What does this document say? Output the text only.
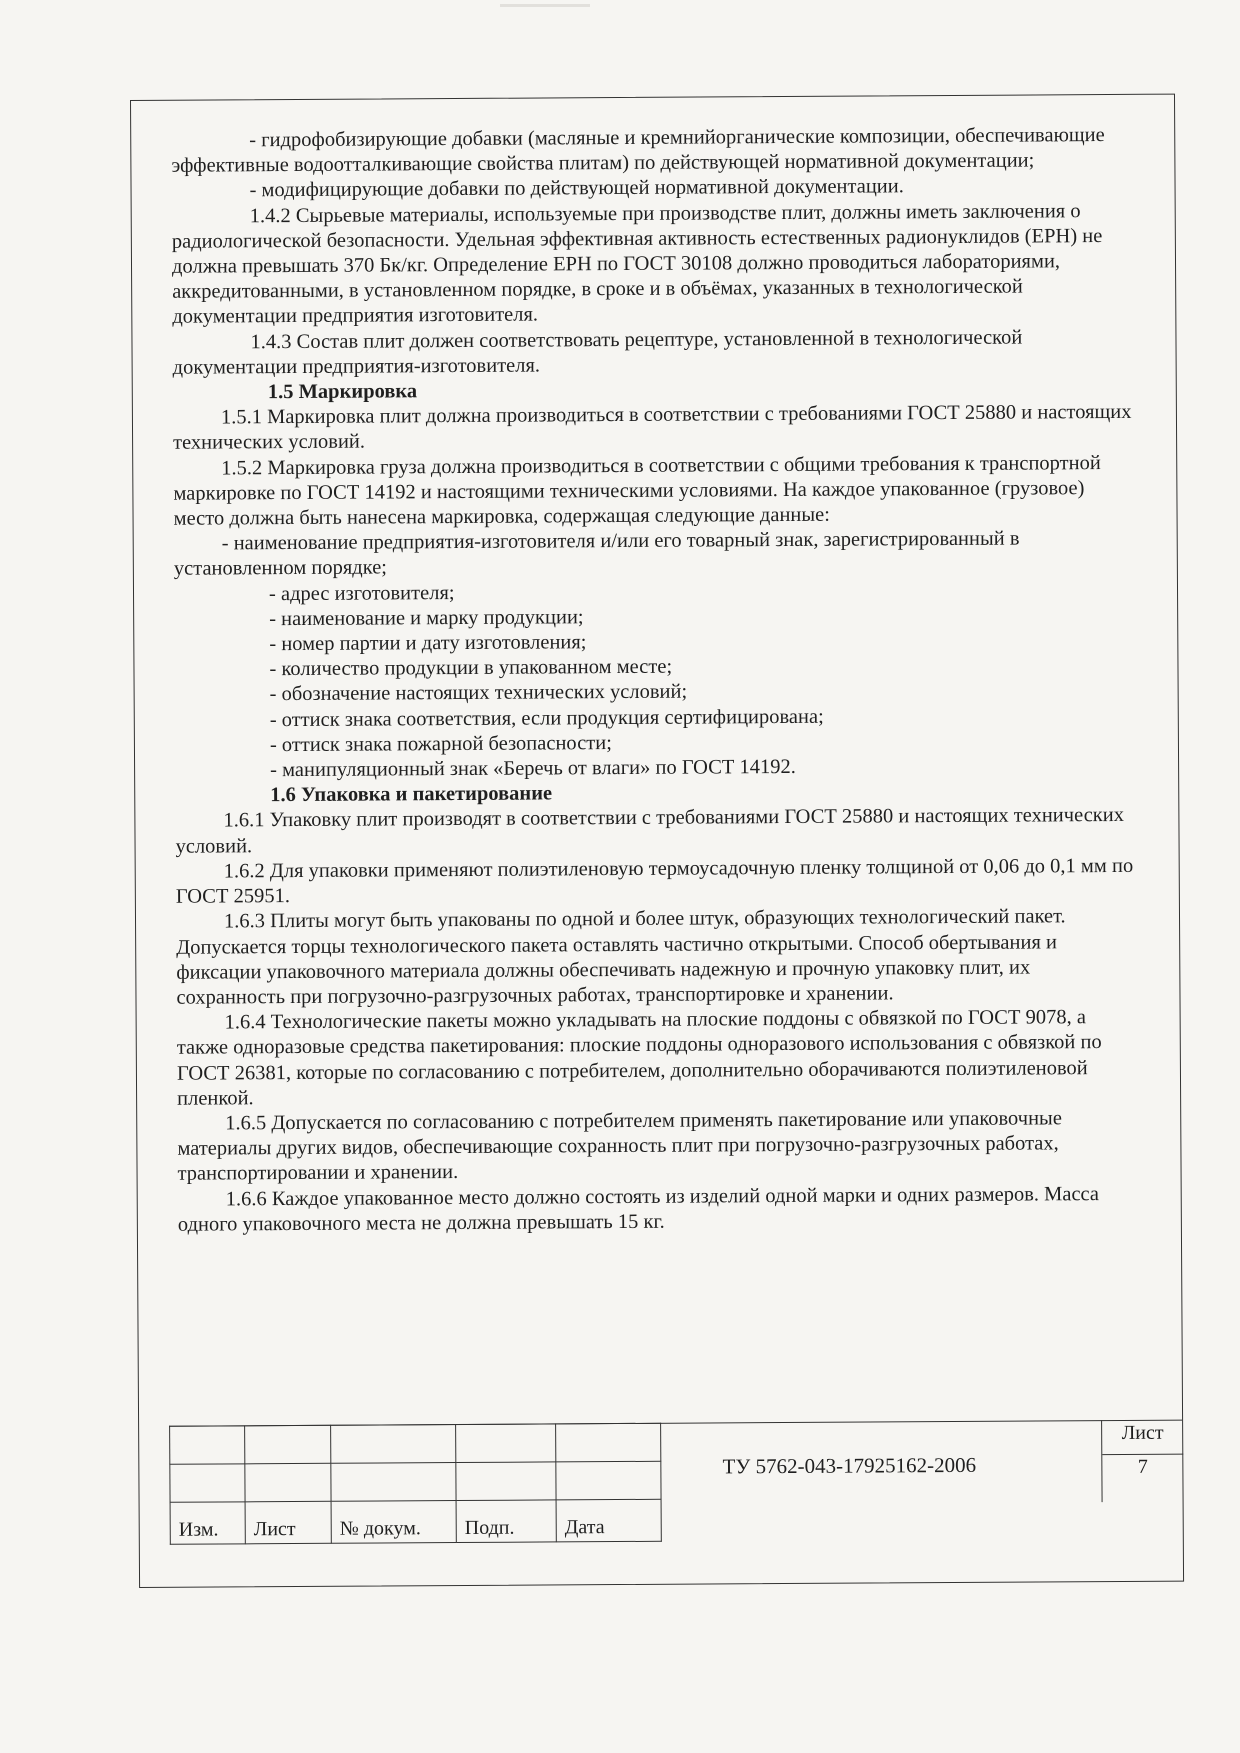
- гидрофобизирующие добавки (масляные и кремнийорганические композиции, обеспечивающие эффективные водоотталкивающие свойства плитам) по действующей нормативной документации;

- модифицирующие добавки по действующей нормативной документации.

1.4.2 Сырьевые материалы, используемые при производстве плит, должны иметь заключения о радиологической безопасности. Удельная эффективная активность естественных радионуклидов (ЕРН) не должна превышать 370 Бк/кг. Определение ЕРН по ГОСТ 30108 должно проводиться лабораториями, аккредитованными, в установленном порядке, в сроке и в объёмах, указанных в технологической документации предприятия изготовителя.

1.4.3 Состав плит должен соответствовать рецептуре, установленной в технологической документации предприятия-изготовителя.

1.5 Маркировка

1.5.1 Маркировка плит должна производиться в соответствии с требованиями ГОСТ 25880 и настоящих технических условий.

1.5.2 Маркировка груза должна производиться в соответствии с общими требования к транспортной маркировке по ГОСТ 14192 и настоящими техническими условиями. На каждое упакованное (грузовое) место должна быть нанесена маркировка, содержащая следующие данные:

- наименование предприятия-изготовителя и/или его товарный знак, зарегистрированный в установленном порядке;

- адрес изготовителя;

- наименование и марку продукции;

- номер партии и дату изготовления;

- количество продукции в упакованном месте;

- обозначение настоящих технических условий;

- оттиск знака соответствия, если продукция сертифицирована;

- оттиск знака пожарной безопасности;

- манипуляционный знак «Беречь от влаги» по ГОСТ 14192.

1.6 Упаковка и пакетирование

1.6.1 Упаковку плит производят в соответствии с требованиями ГОСТ 25880 и настоящих технических условий.

1.6.2 Для упаковки применяют полиэтиленовую термоусадочную пленку толщиной от 0,06 до 0,1 мм по ГОСТ 25951.

1.6.3 Плиты могут быть упакованы по одной и более штук, образующих технологический пакет. Допускается торцы технологического пакета оставлять частично открытыми. Способ обертывания и фиксации упаковочного материала должны обеспечивать надежную и прочную упаковку плит, их сохранность при погрузочно-разгрузочных работах, транспортировке и хранении.

1.6.4 Технологические пакеты можно укладывать на плоские поддоны с обвязкой по ГОСТ 9078, а также одноразовые средства пакетирования: плоские поддоны одноразового использования с обвязкой по ГОСТ 26381, которые по согласованию с потребителем, дополнительно оборачиваются полиэтиленовой пленкой.

1.6.5 Допускается по согласованию с потребителем применять пакетирование или упаковочные материалы других видов, обеспечивающие сохранность плит при погрузочно-разгрузочных работах, транспортировании и хранении.

1.6.6 Каждое упакованное место должно состоять из изделий одной марки и одних размеров. Масса одного упаковочного места не должна превышать 15 кг.

Изм.	Лист	№ докум.	Подп.	Дата
ТУ 5762-043-17925162-2006
Лист
7
